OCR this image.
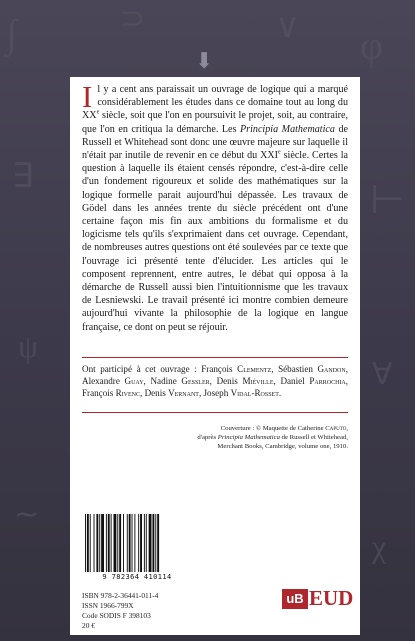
∫	⊃	∨ φ
∃
⊢
ψ
∀
∼
χ
⬇

Il y a cent ans paraissait un ouvrage de logique qui a marqué considérablement les études dans ce domaine tout au long du XXe siècle, soit que l'on en poursuivit le projet, soit, au contraire, que l'on en critiqua la démarche. Les Principia Mathematica de Russell et Whitehead sont donc une œuvre majeure sur laquelle il n'était par inutile de revenir en ce début du XXIe siècle. Certes la question à laquelle ils étaient censés répondre, c'est-à-dire celle d'un fondement rigoureux et solide des mathématiques sur la logique formelle parait aujourd'hui dépassée. Les travaux de Gödel dans les années trente du siècle précédent ont d'une certaine façon mis fin aux ambitions du formalisme et du logicisme tels qu'ils s'exprimaient dans cet ouvrage. Cependant, de nombreuses autres questions ont été soulevées par ce texte que l'ouvrage ici présenté tente d'élucider. Les articles qui le composent reprennent, entre autres, le débat qui opposa à la démarche de Russell aussi bien l'intuitionnisme que les travaux de Lesniewski. Le travail présenté ici montre combien demeure aujourd'hui vivante la philosophie de la logique en langue française, ce dont on peut se réjouir.

Ont participé à cet ouvrage : François Clementz, Sébastien Gandon, Alexandre Guay, Nadine Gessler, Denis Miéville, Daniel Parrochia, François Rivenc, Denis Vernant, Joseph Vidal-Rosset.

Couverture : © Maquette de Catherine Caputo,
d'après Principia Mathematica de Russell et Whitehead,
Merchant Books, Cambridge, volume one, 1910.

9 782364 410114
ISBN 978-2-36441-011-4
ISSN 1966-799X
Code SODIS F 398103
20 €
uB EUD
